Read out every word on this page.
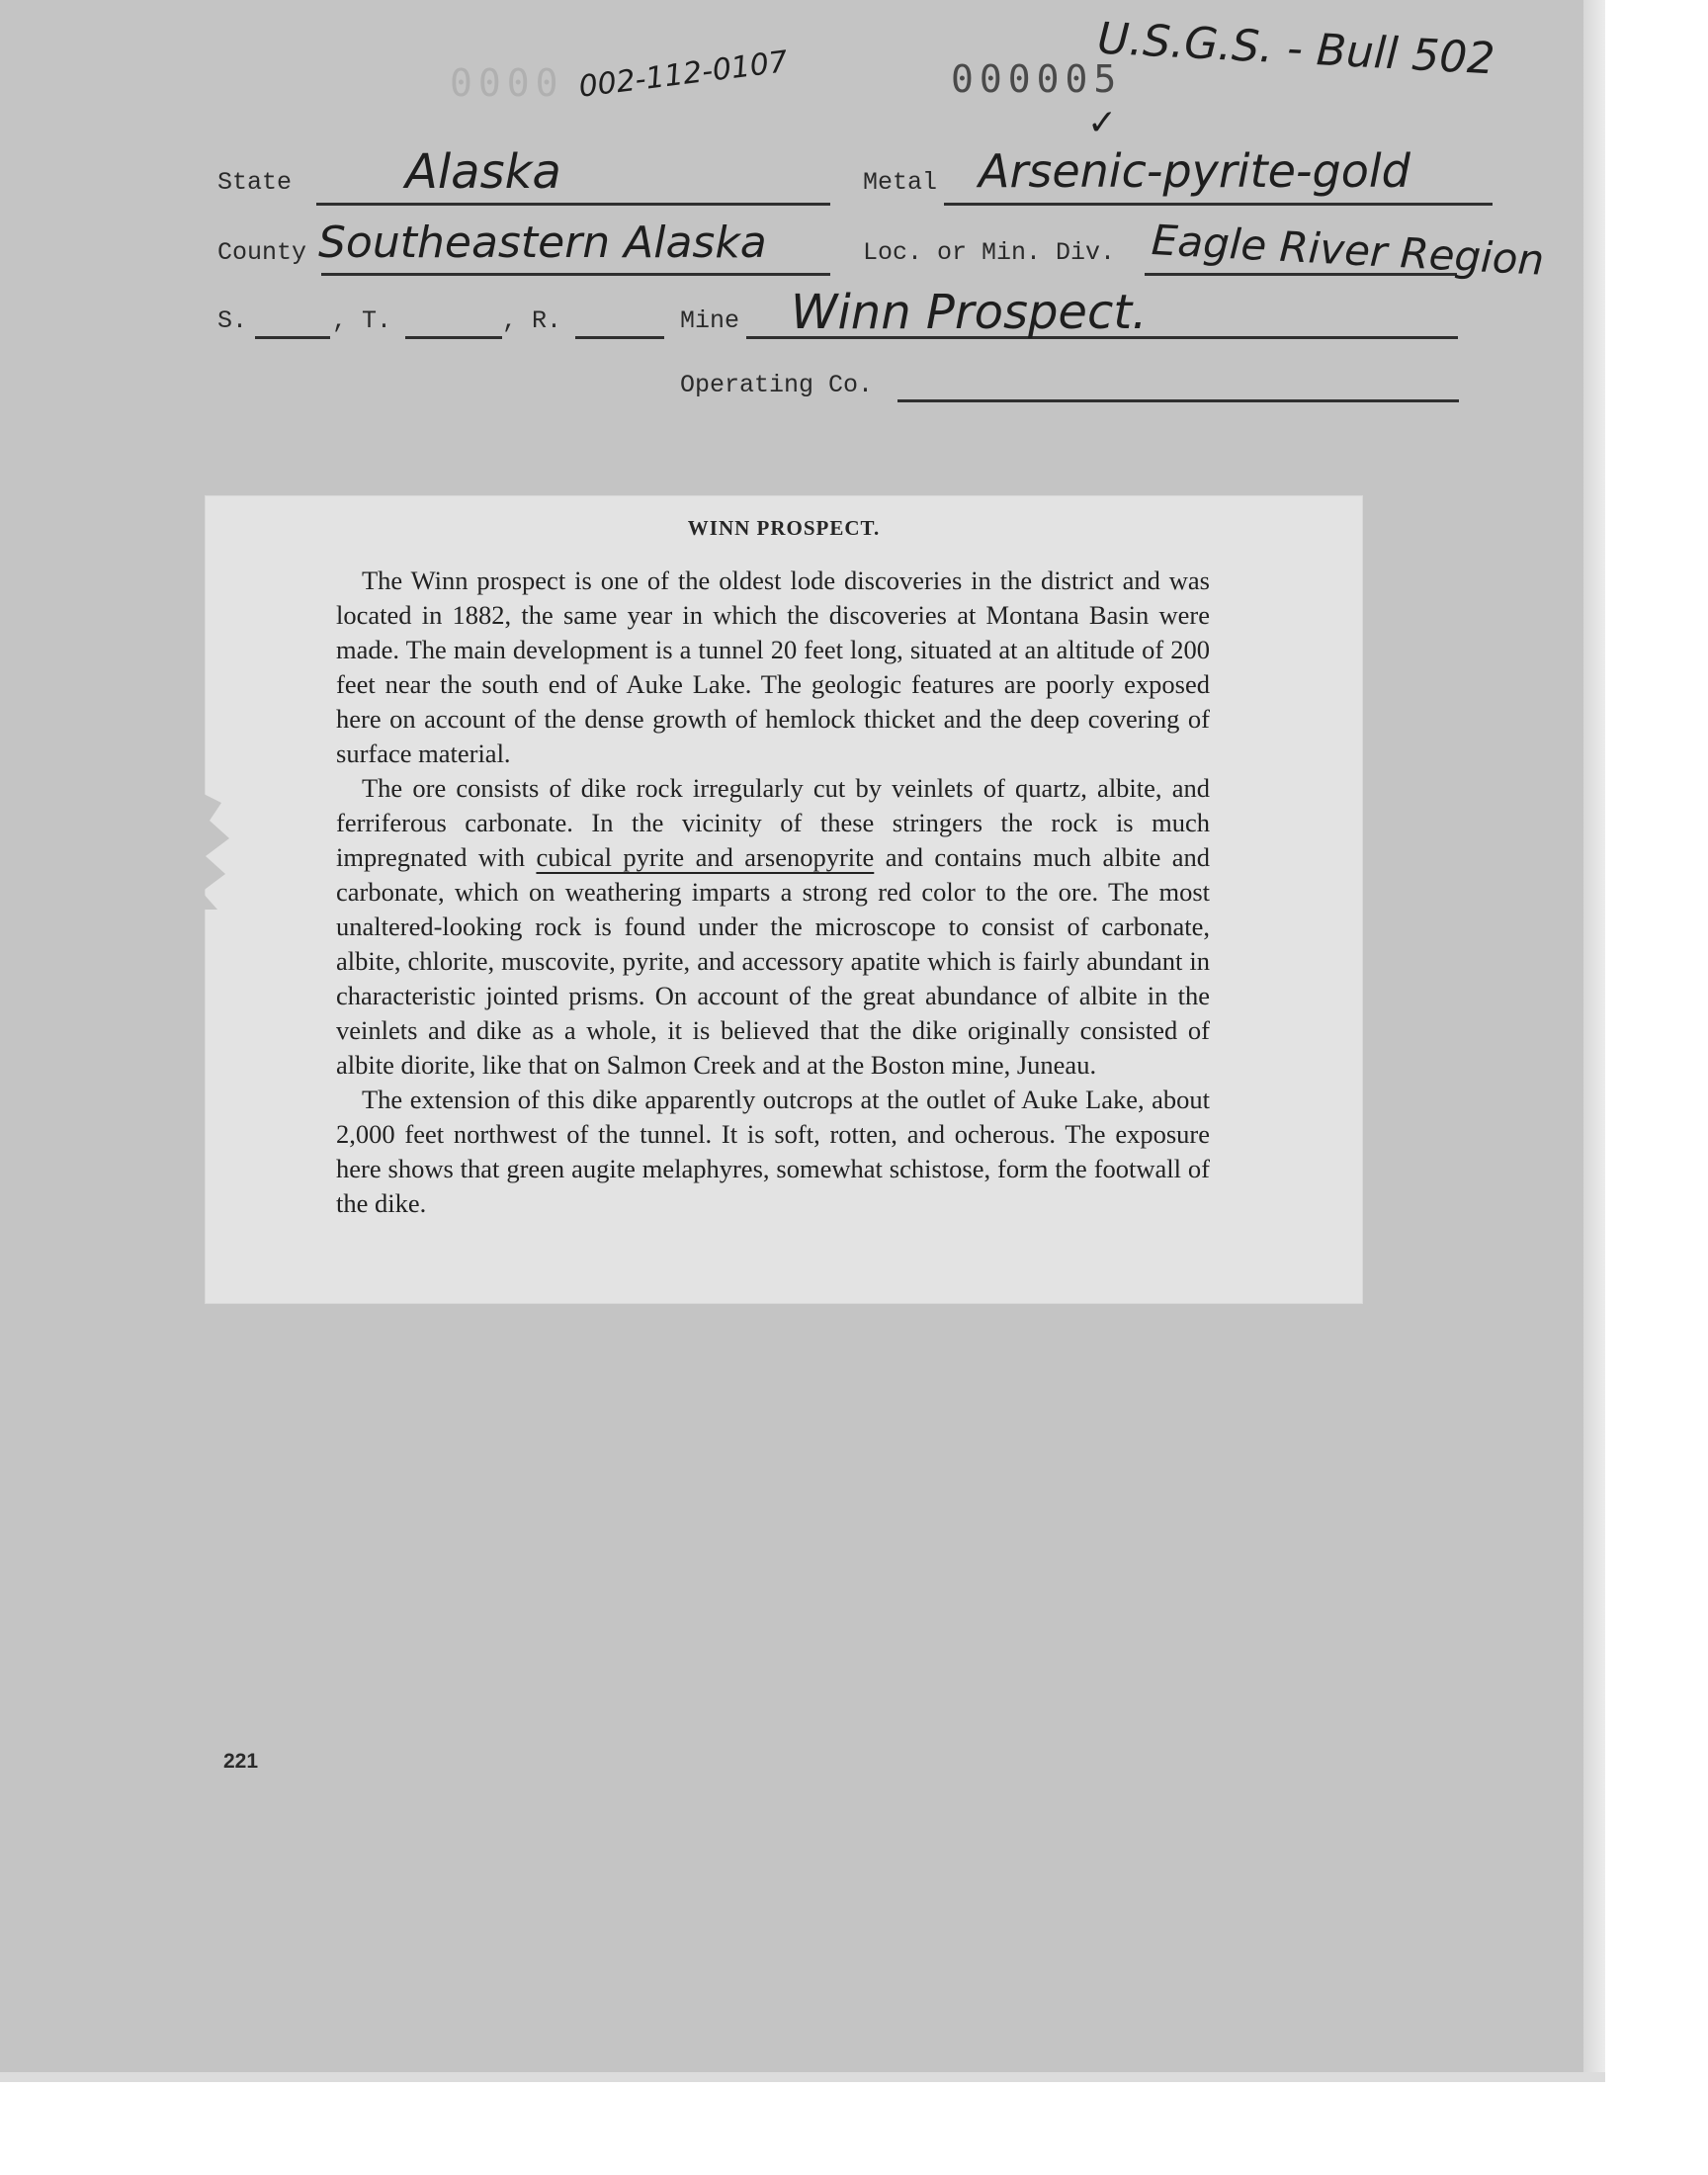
0000 002-112-0107	000005
U.S.G.S. - Bull 502
✓
State Alaska	Metal Arsenic-pyrite-gold
County Southeastern Alaska	Loc. or Min. Div. Eagle River Region
S.	, T.	, R.	Mine Winn Prospect.
Operating Co.
WINN PROSPECT.

The Winn prospect is one of the oldest lode discoveries in the district and was located in 1882, the same year in which the discoveries at Montana Basin were made. The main development is a tunnel 20 feet long, situated at an altitude of 200 feet near the south end of Auke Lake. The geologic features are poorly exposed here on account of the dense growth of hemlock thicket and the deep covering of surface material.

The ore consists of dike rock irregularly cut by veinlets of quartz, albite, and ferriferous carbonate. In the vicinity of these stringers the rock is much impregnated with cubical pyrite and arsenopyrite and contains much albite and carbonate, which on weathering imparts a strong red color to the ore. The most unaltered-looking rock is found under the microscope to consist of carbonate, albite, chlorite, muscovite, pyrite, and accessory apatite which is fairly abundant in characteristic jointed prisms. On account of the great abundance of albite in the veinlets and dike as a whole, it is believed that the dike originally consisted of albite diorite, like that on Salmon Creek and at the Boston mine, Juneau.

The extension of this dike apparently outcrops at the outlet of Auke Lake, about 2,000 feet northwest of the tunnel. It is soft, rotten, and ocherous. The exposure here shows that green augite melaphyres, somewhat schistose, form the footwall of the dike.

221
